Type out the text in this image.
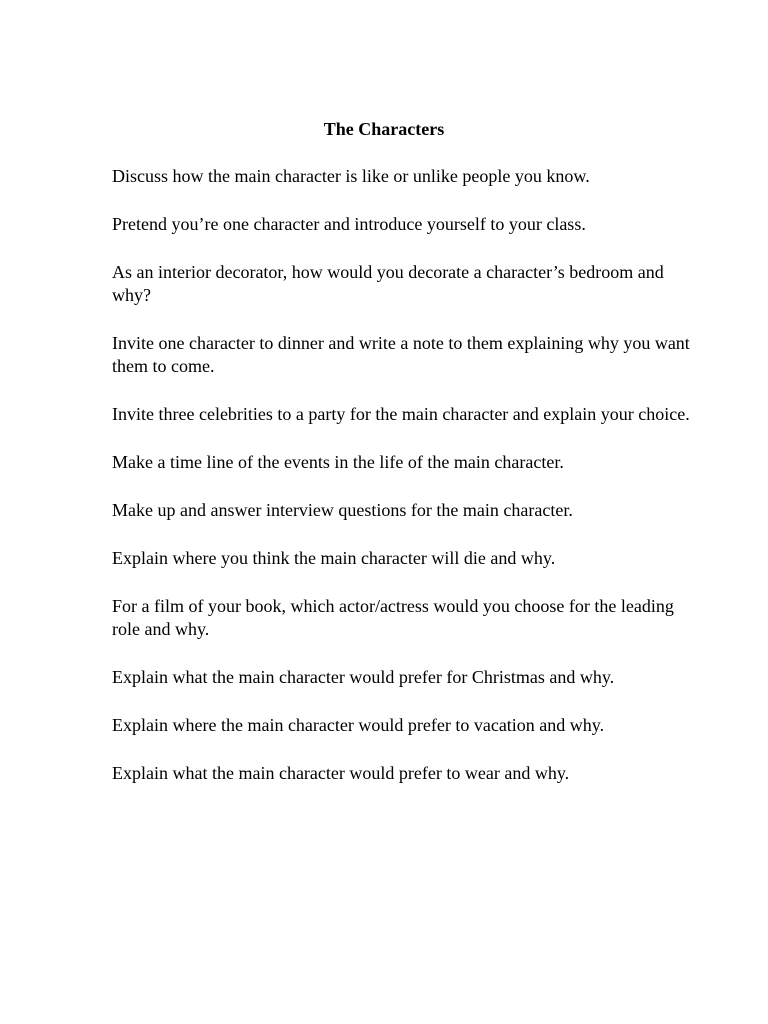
The Characters

Discuss how the main character is like or unlike people you know.

Pretend you’re one character and introduce yourself to your class.

As an interior decorator, how would you decorate a character’s bedroom and why?

Invite one character to dinner and write a note to them explaining why you want them to come.

Invite three celebrities to a party for the main character and explain your choice.

Make a time line of the events in the life of the main character.

Make up and answer interview questions for the main character.

Explain where you think the main character will die and why.

For a film of your book, which actor/actress would you choose for the leading role and why.

Explain what the main character would prefer for Christmas and why.

Explain where the main character would prefer to vacation and why.

Explain what the main character would prefer to wear and why.
